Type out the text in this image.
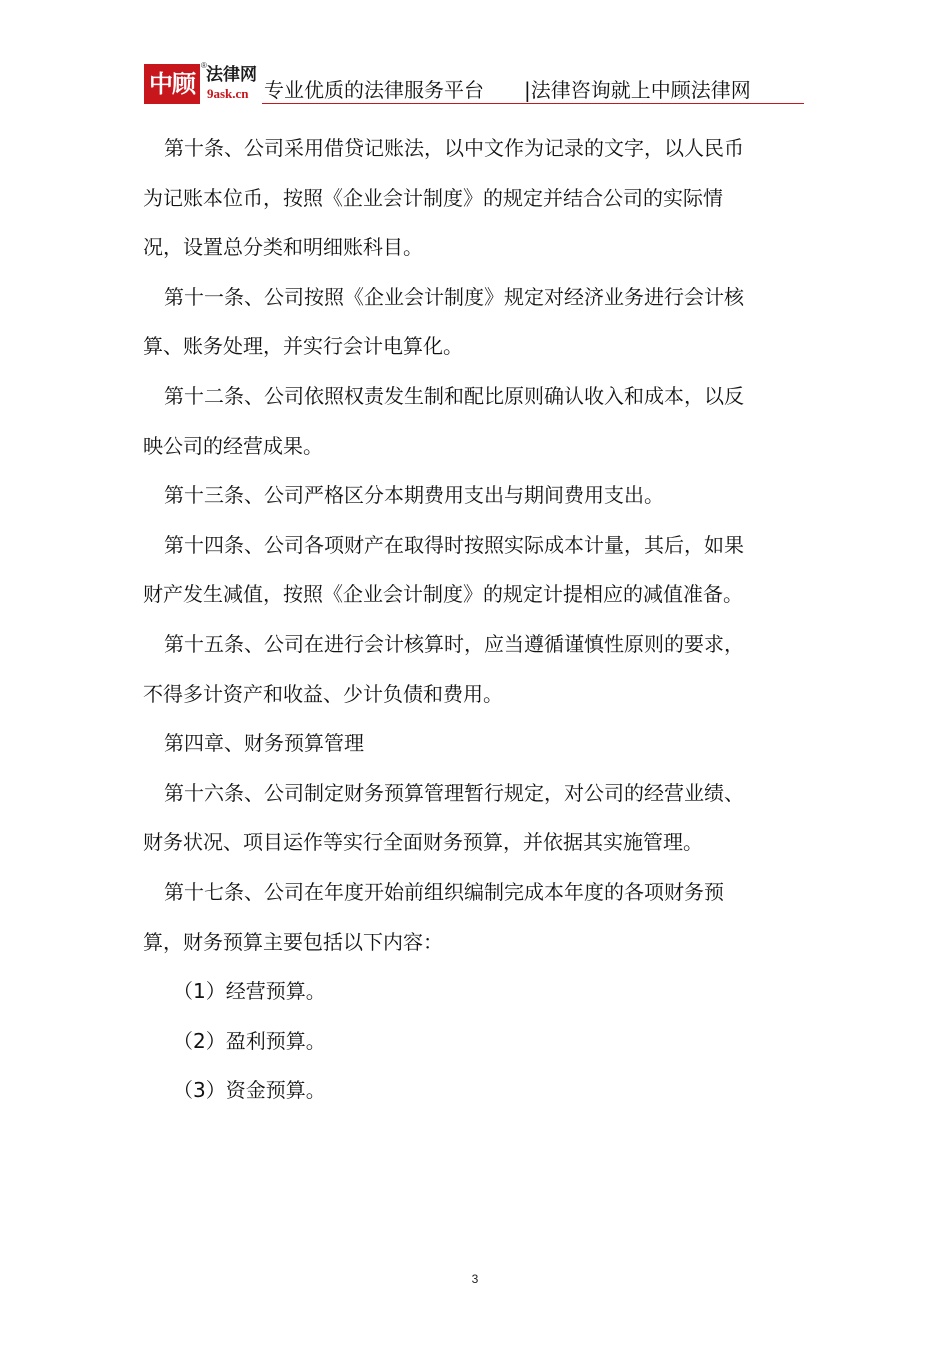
中顾
® 法律网
9ask.cn 专业优质的法律服务平台 |法律咨询就上中顾法律网

第十条、公司采用借贷记账法，以中文作为记录的文字，以人民币为记账本位币，按照《企业会计制度》的规定并结合公司的实际情况，设置总分类和明细账科目。

第十一条、公司按照《企业会计制度》规定对经济业务进行会计核算、账务处理，并实行会计电算化。

第十二条、公司依照权责发生制和配比原则确认收入和成本，以反映公司的经营成果。

第十三条、公司严格区分本期费用支出与期间费用支出。

第十四条、公司各项财产在取得时按照实际成本计量，其后，如果财产发生减值，按照《企业会计制度》的规定计提相应的减值准备。

第十五条、公司在进行会计核算时，应当遵循谨慎性原则的要求，不得多计资产和收益、少计负债和费用。

第四章、财务预算管理

第十六条、公司制定财务预算管理暂行规定，对公司的经营业绩、财务状况、项目运作等实行全面财务预算，并依据其实施管理。

第十七条、公司在年度开始前组织编制完成本年度的各项财务预算，财务预算主要包括以下内容：

（1）经营预算。

（2）盈利预算。

（3）资金预算。

3
